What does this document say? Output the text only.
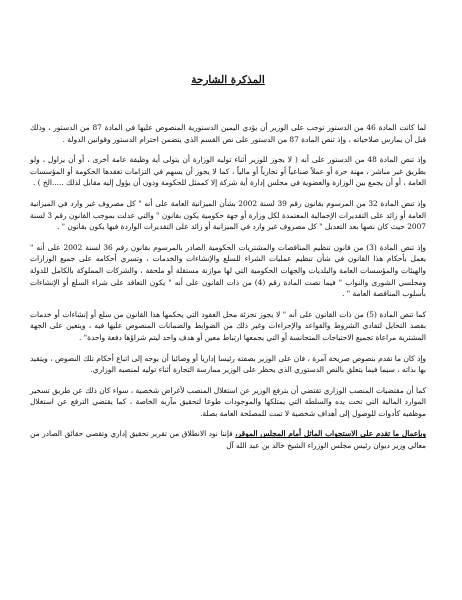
المذكرة الشارحة

لما كانت المادة 46 من الدستور توجب على الوزير أن يؤدي اليمين الدستورية المنصوص عليها في المادة 87 من الدستور ، وذلك قبل أن يمارس صلاحياته ، وإذ تنص المادة 87 من الدستور على نص القسم الذي يتضمن احترام الدستور وقوانين الدولة .

وإذ تنص المادة 48 من الدستور على أنه ( لا يجوز للوزير أثناء توليه الوزارة أن يتولى أية وظيفة عامة أخرى ، أو أن يزاول ، ولو بطريق غير مباشر ، مهنة حرة أو عملاً صناعياً أو تجارياً أو مالياً ، كما لا يجوز أن يسهم في التزامات تعقدها الحكومة أو المؤسسات العامة ، أو أن يجمع بين الوزارة والعضوية في مجلس إدارة أية شركة إلا كممثل للحكومة ودون أن يؤول إليه مقابل لذلك .....الخ ) .

وإذ تنص المادة 32 من المرسوم بقانون رقم 39 لسنة 2002 بشأن الميزانية العامة على أنه " كل مصروف غير وارد في الميزانية العامة أو زائد على التقديرات الإجمالية المعتمدة لكل وزارة أو جهة حكومية يكون بقانون " والتي عدلت بموجب القانون رقم 3 لسنة 2007 حيث كان نصها بعد التعديل " كل مصروف غير وارد في الميزانية أو زائد على التقديرات الواردة فيها يكون بقانون " .

وإذ تنص المادة (3) من قانون تنظيم المناقصات والمشتريات الحكومية الصادر بالمرسوم بقانون رقم 36 لسنة 2002 على أنه " يعمل بأحكام هذا القانون في شأن تنظيم عمليات الشراء للسلع والإنشاءات والخدمات ، وتسري أحكامه على جميع الوزارات والهيئات والمؤسسات العامة والبلديات والجهات الحكومية التي لها موازنة مستقلة أو ملحقة ، والشركات المملوكة بالكامل للدولة ومجلسي الشورى والنواب " فيما نصت المادة رقم (4) من ذات القانون على أنه " يكون التعاقد على شراء السلع أو الإنشاءات بأسلوب المناقصة العامة " .

كما تنص المادة (5) من ذات القانون على أنه " لا يجوز تجزئة محل العقود التي يحكمها هذا القانون من سلع أو إنشاءات أو خدمات بقصد التحايل لتفادي الشروط والقواعد والإجراءات وغير ذلك من الضوابط والضمانات المنصوص عليها فيه ، ويتعين على الجهة المشترية مراعاة تجميع الاحتياجات المتجانسة أو التي يجمعها ارتباط معين أو هدف واحد ليتم شراؤها دفعة واحدة" .

وإذ كان ما تقدم بنصوص صريحة آمرة ، فان على الوزير بصفته رئيسا إداريا أو وصائيا أن يوجه إلى اتباع أحكام تلك النصوص ، ويتقيد بها بذاته ، سيما فيما يتعلق بالنص الدستوري الذي يحظر على الوزير ممارسة التجارة أثناء توليه لمنصبه الوزاري.

كما أن مقتضيات المنصب الوزاري تقتضي أن يترفع الوزير عن استغلال المنصب لأغراض شخصية ، سواء كان ذلك عن طريق تسخير الموارد المالية التي تحت يده والسلطة التي يمتلكها والموجودات طوعا لتحقيق مآربه الخاصة ، كما يقتضي الترفع عن استغلال موظفيه كأدوات للوصول إلى أهداف شخصية لا تمت للمصلحة العامة بصلة.

وبإعمال ما تقدم على الاستجواب الماثل أمام المجلس الموقر، فإننا نود الانطلاق من تقرير تحقيق إداري وتقصي حقائق الصادر من معالي وزير ديوان رئيس مجلس الوزراء الشيخ خالد بن عبد الله آل
